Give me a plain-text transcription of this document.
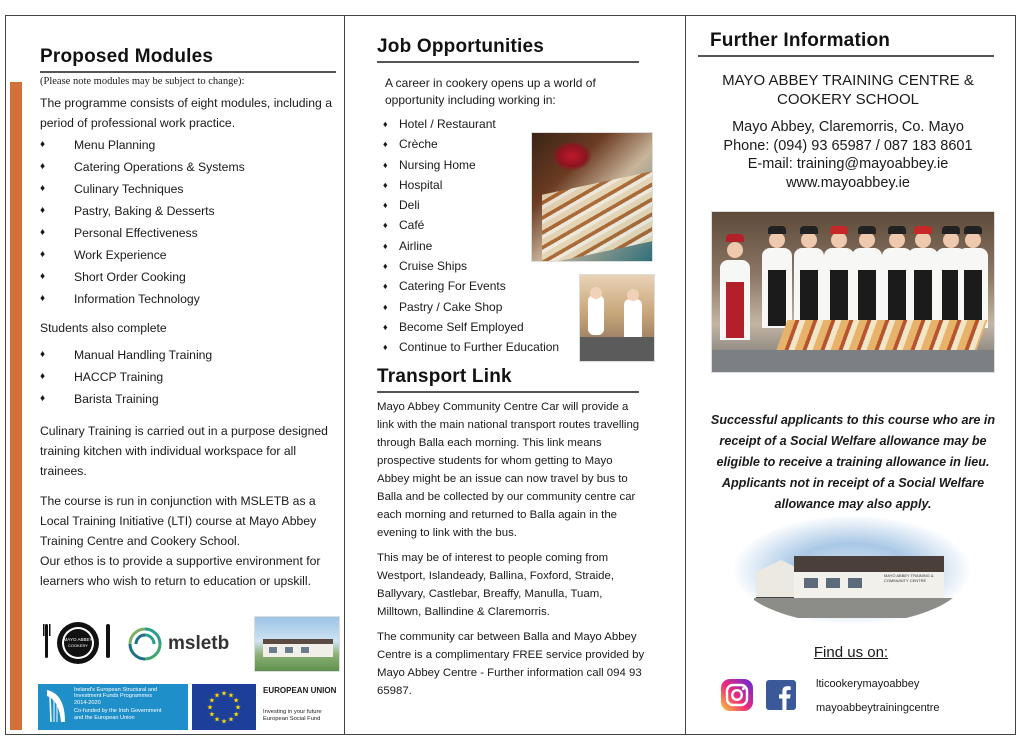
Proposed Modules
(Please note modules may be subject to change):

The programme consists of eight modules, including a period of professional work practice.

♦ Menu Planning
♦ Catering Operations & Systems
♦ Culinary Techniques
♦ Pastry, Baking & Desserts
♦ Personal Effectiveness
♦ Work Experience
♦ Short Order Cooking
♦ Information Technology

Students also complete

♦ Manual Handling Training
♦ HACCP Training
♦ Barista Training

Culinary Training is carried out in a purpose designed training kitchen with individual workspace for all trainees.

The course is run in conjunction with MSLETB as a Local Training Initiative (LTI) course at Mayo Abbey Training Centre and Cookery School.

Our ethos is to provide a supportive environment for learners who wish to return to education or upskill.

MAYO ABBEY
COOKERY	msletb
Ireland's European Structural and
Investment Funds Programmes
2014-2020
Co-funded by the Irish Government
and the European Union
★ ★
★
★
★
★
★
★
★
★
★
★
EUROPEAN UNION
Investing in your future
European Social Fund
Job Opportunities

A career in cookery opens up a world of opportunity including working in:

♦ Hotel / Restaurant
♦ Crèche
♦ Nursing Home
♦ Hospital
♦ Deli
♦ Café
♦ Airline
♦ Cruise Ships
♦ Catering For Events
♦ Pastry / Cake Shop
♦ Become Self Employed
♦ Continue to Further Education
Transport Link

Mayo Abbey Community Centre Car will provide a link with the main national transport routes travelling through Balla each morning. This link means prospective students for whom getting to Mayo Abbey might be an issue can now travel by bus to Balla and be collected by our community centre car each morning and returned to Balla again in the evening to link with the bus.

This may be of interest to people coming from Westport, Islandeady, Ballina, Foxford, Straide, Ballyvary, Castlebar, Breaffy, Manulla, Tuam, Milltown, Ballindine & Claremorris.

The community car between Balla and Mayo Abbey Centre is a complimentary FREE service provided by Mayo Abbey Centre - Further information call 094 93 65987.

Further Information
MAYO ABBEY TRAINING CENTRE &
COOKERY SCHOOL
Mayo Abbey, Claremorris, Co. Mayo
Phone: (094) 93 65987 / 087 183 8601
E-mail: training@mayoabbey.ie
www.mayoabbey.ie
Successful applicants to this course who are in receipt of a Social Welfare allowance may be eligible to receive a training allowance in lieu. Applicants not in receipt of a Social Welfare allowance may also apply.
MAYO ABBEY TRAINING & COMMUNITY CENTRE
Find us on:
lticookerymayoabbey
mayoabbeytrainingcentre
